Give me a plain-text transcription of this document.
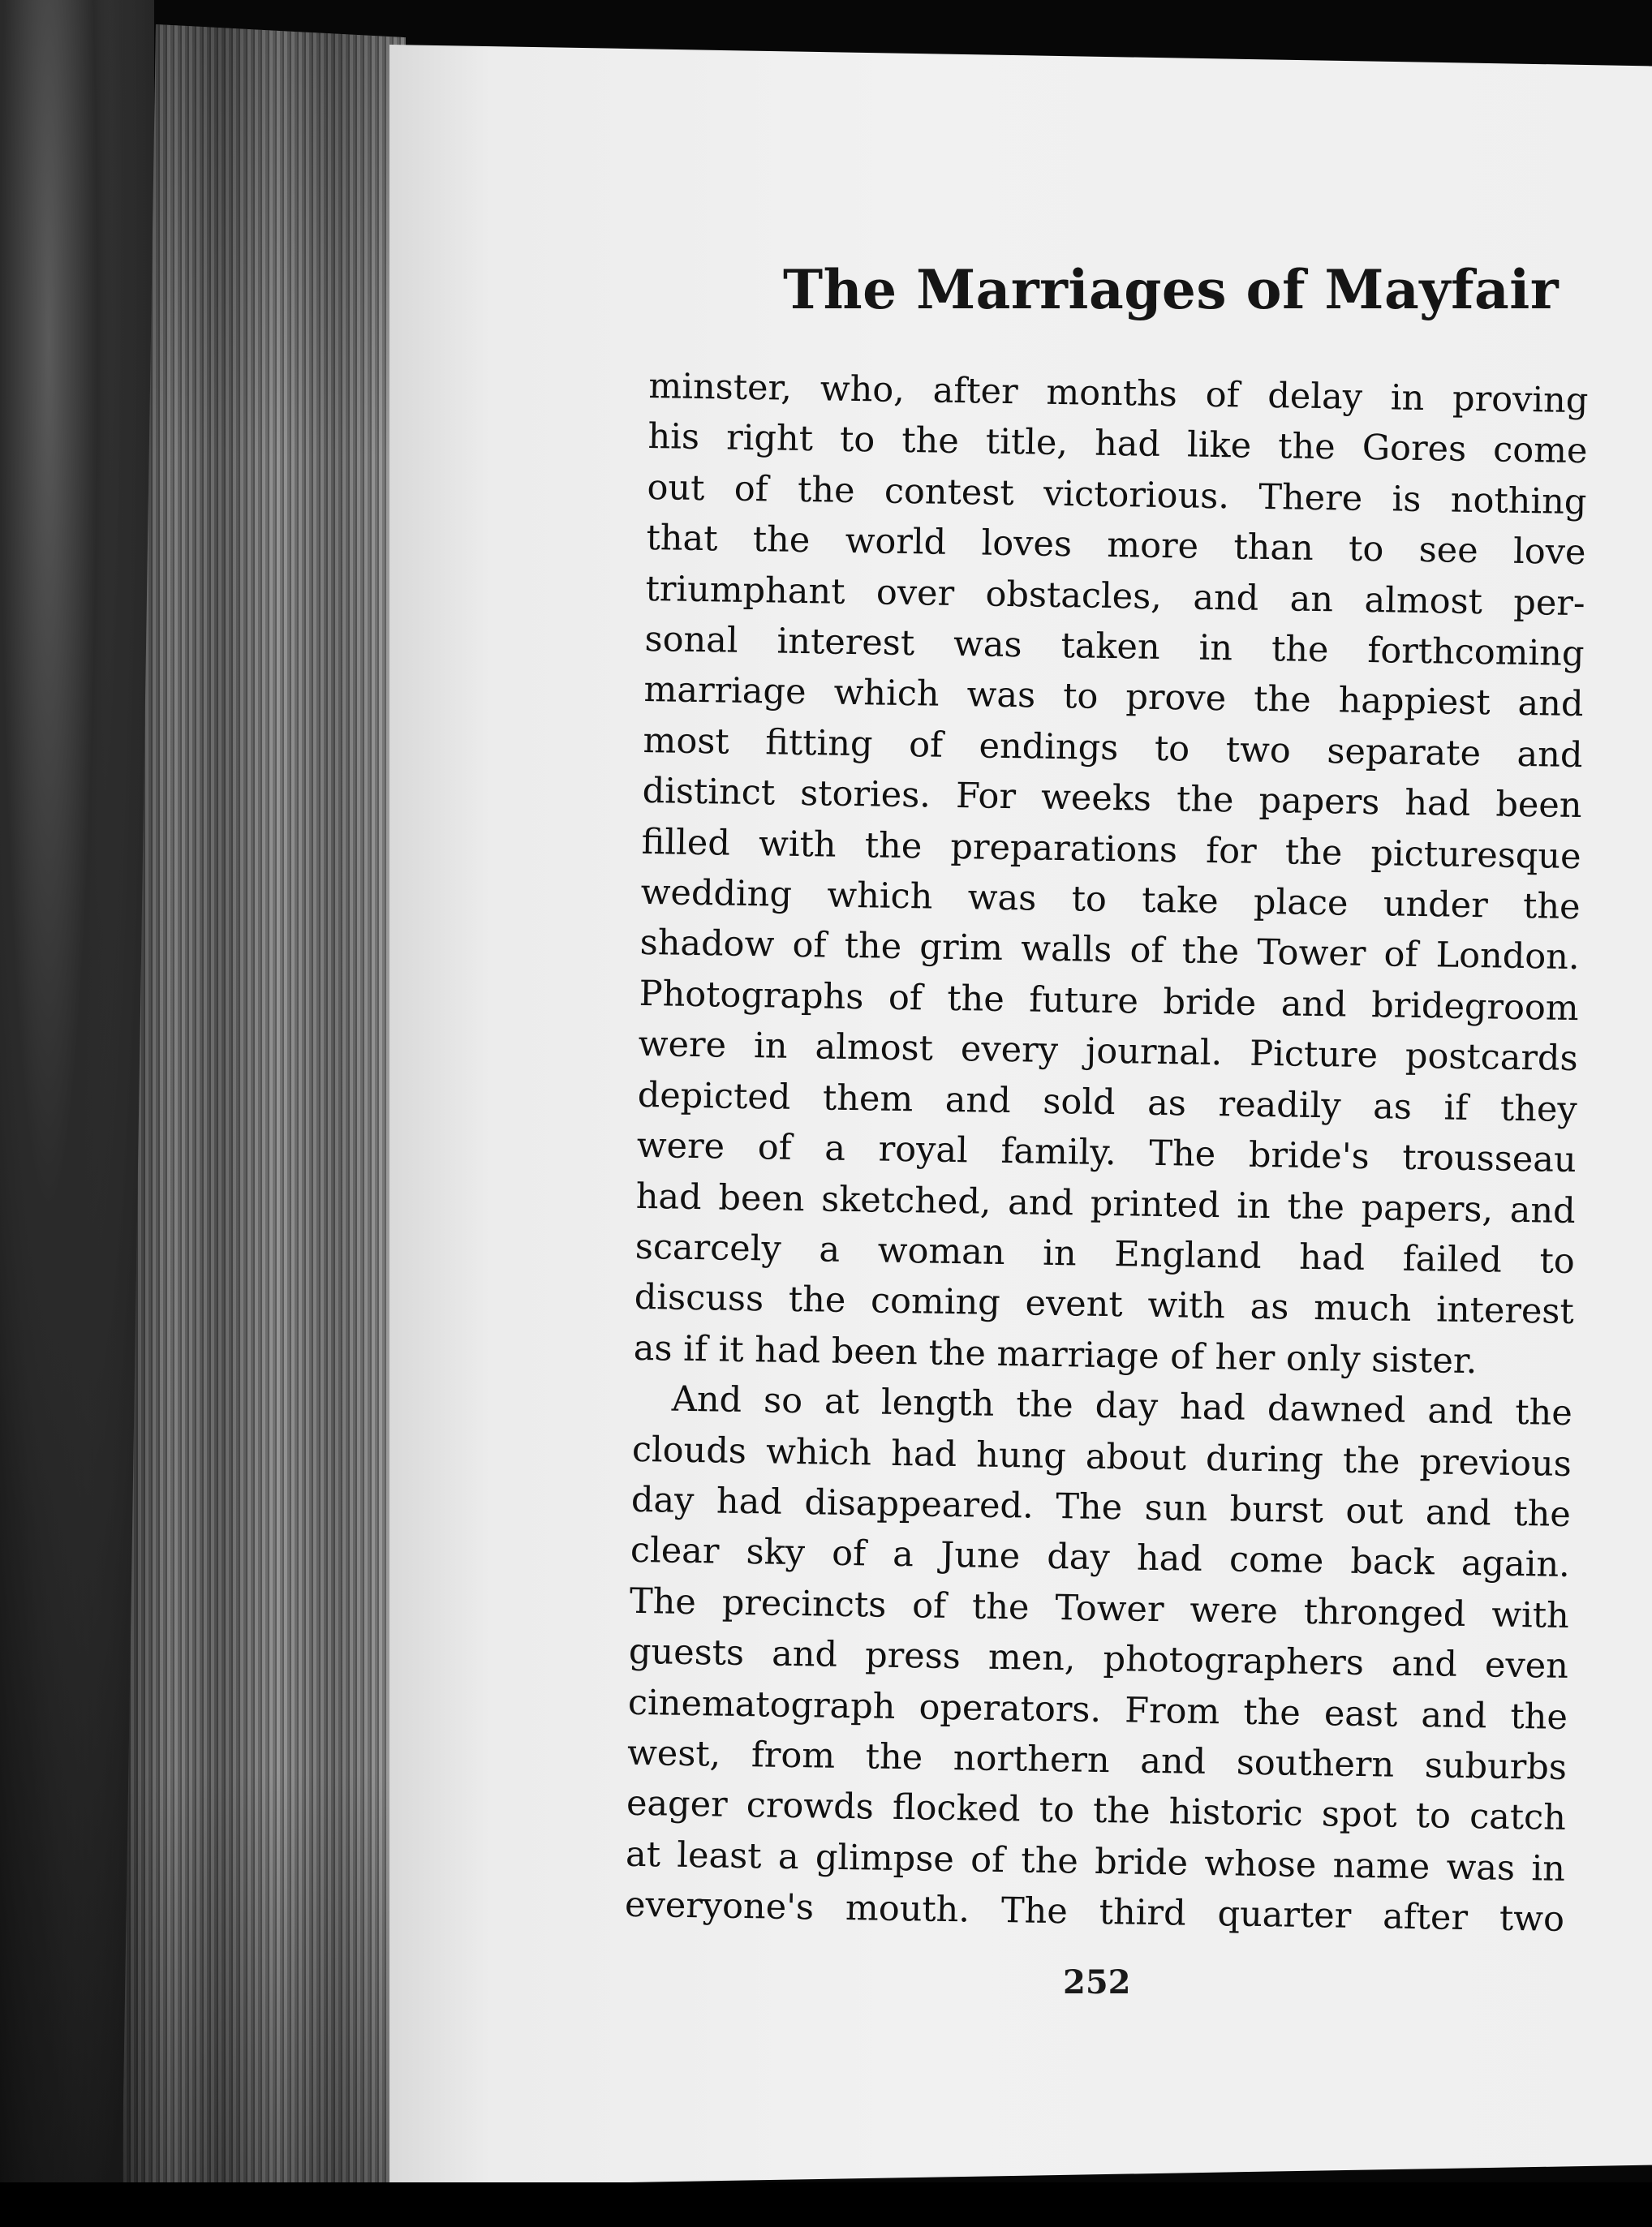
The Marriages of Mayfair
minster, who, after months of delay in proving
his right to the title, had like the Gores come
out of the contest victorious. There is nothing
that the world loves more than to see love
triumphant over obstacles, and an almost per-
sonal interest was taken in the forthcoming
marriage which was to prove the happiest and
most fitting of endings to two separate and
distinct stories. For weeks the papers had been
filled with the preparations for the picturesque
wedding which was to take place under the
shadow of the grim walls of the Tower of London.
Photographs of the future bride and bridegroom
were in almost every journal. Picture postcards
depicted them and sold as readily as if they
were of a royal family. The bride's trousseau
had been sketched, and printed in the papers, and
scarcely a woman in England had failed to
discuss the coming event with as much interest
as if it had been the marriage of her only sister.
And so at length the day had dawned and the
clouds which had hung about during the previous
day had disappeared. The sun burst out and the
clear sky of a June day had come back again.
The precincts of the Tower were thronged with
guests and press men, photographers and even
cinematograph operators. From the east and the
west, from the northern and southern suburbs
eager crowds flocked to the historic spot to catch
at least a glimpse of the bride whose name was in
everyone's mouth. The third quarter after two
252
